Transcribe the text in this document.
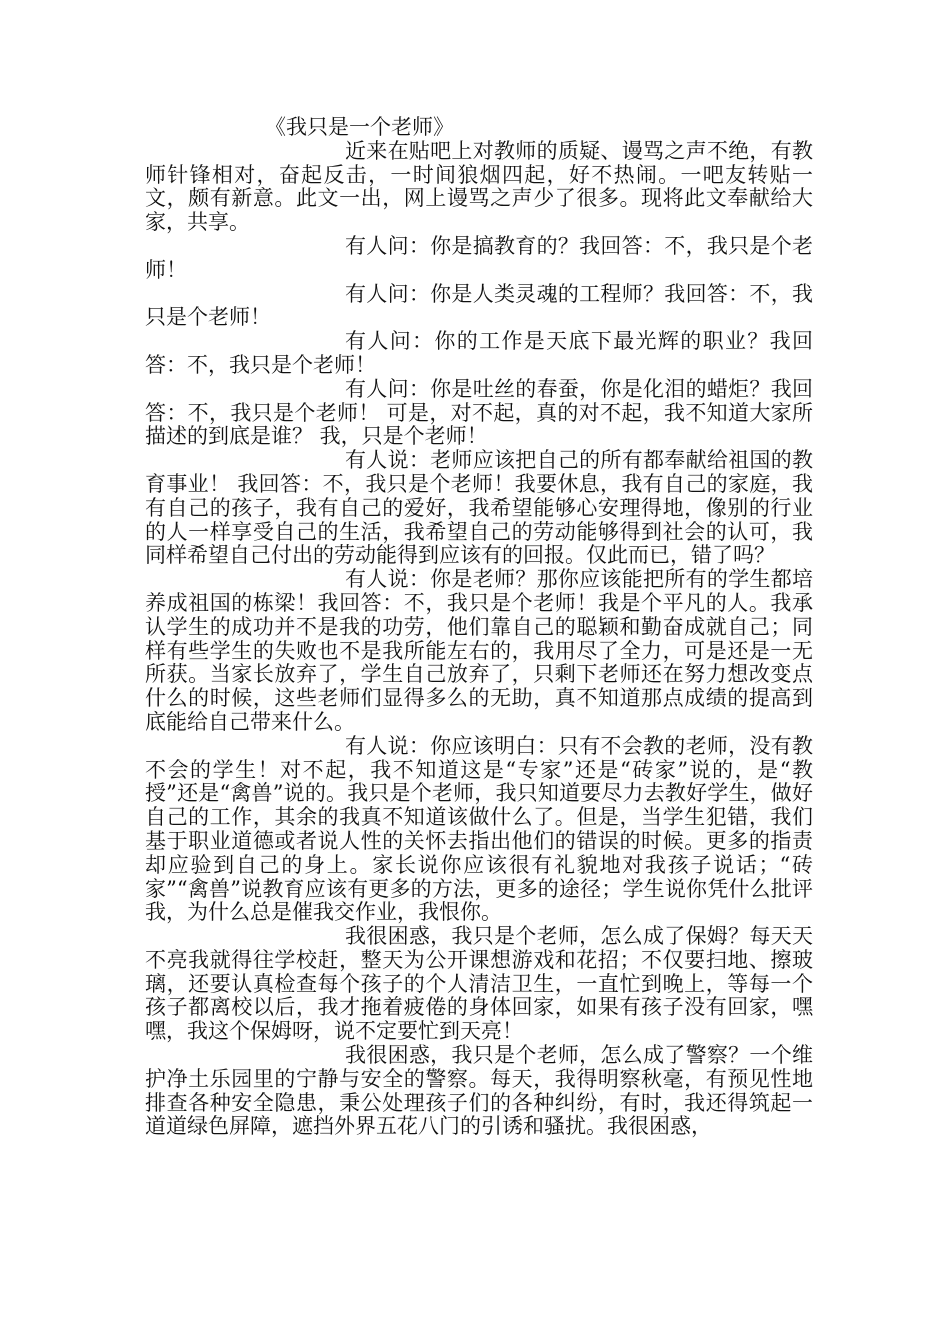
《我只是一个老师》

近来在贴吧上对教师的质疑、谩骂之声不绝，有教师针锋相对，奋起反击，一时间狼烟四起，好不热闹。一吧友转贴一文，颇有新意。此文一出，网上谩骂之声少了很多。现将此文奉献给大家，共享。

有人问：你是搞教育的？我回答：不，我只是个老师！

有人问：你是人类灵魂的工程师？我回答：不，我只是个老师！

有人问：你的工作是天底下最光辉的职业？我回答：不，我只是个老师！

有人问：你是吐丝的春蚕，你是化泪的蜡炬？我回答：不，我只是个老师！ 可是，对不起，真的对不起，我不知道大家所描述的到底是谁？ 我，只是个老师！

有人说：老师应该把自己的所有都奉献给祖国的教育事业！ 我回答：不，我只是个老师！我要休息，我有自己的家庭，我有自己的孩子，我有自己的爱好，我希望能够心安理得地，像别的行业的人一样享受自己的生活，我希望自己的劳动能够得到社会的认可，我同样希望自己付出的劳动能得到应该有的回报。仅此而已，错了吗？

有人说：你是老师？那你应该能把所有的学生都培养成祖国的栋梁！我回答：不，我只是个老师！我是个平凡的人。我承认学生的成功并不是我的功劳，他们靠自己的聪颖和勤奋成就自己；同样有些学生的失败也不是我所能左右的，我用尽了全力，可是还是一无所获。当家长放弃了，学生自己放弃了，只剩下老师还在努力想改变点什么的时候，这些老师们显得多么的无助，真不知道那点成绩的提高到底能给自己带来什么。

有人说：你应该明白：只有不会教的老师，没有教不会的学生！对不起，我不知道这是“专家”还是“砖家”说的，是“教授”还是“禽兽”说的。我只是个老师，我只知道要尽力去教好学生，做好自己的工作，其余的我真不知道该做什么了。但是，当学生犯错，我们基于职业道德或者说人性的关怀去指出他们的错误的时候。更多的指责却应验到自己的身上。家长说你应该很有礼貌地对我孩子说话；“砖家”“禽兽”说教育应该有更多的方法，更多的途径；学生说你凭什么批评我，为什么总是催我交作业，我恨你。

我很困惑，我只是个老师，怎么成了保姆？每天天不亮我就得往学校赶，整天为公开课想游戏和花招；不仅要扫地、擦玻璃，还要认真检查每个孩子的个人清洁卫生，一直忙到晚上，等每一个孩子都离校以后，我才拖着疲倦的身体回家，如果有孩子没有回家，嘿嘿，我这个保姆呀，说不定要忙到天亮！

我很困惑，我只是个老师，怎么成了警察？一个维护净土乐园里的宁静与安全的警察。每天，我得明察秋毫，有预见性地排查各种安全隐患，秉公处理孩子们的各种纠纷，有时，我还得筑起一道道绿色屏障，遮挡外界五花八门的引诱和骚扰。我很困惑，
